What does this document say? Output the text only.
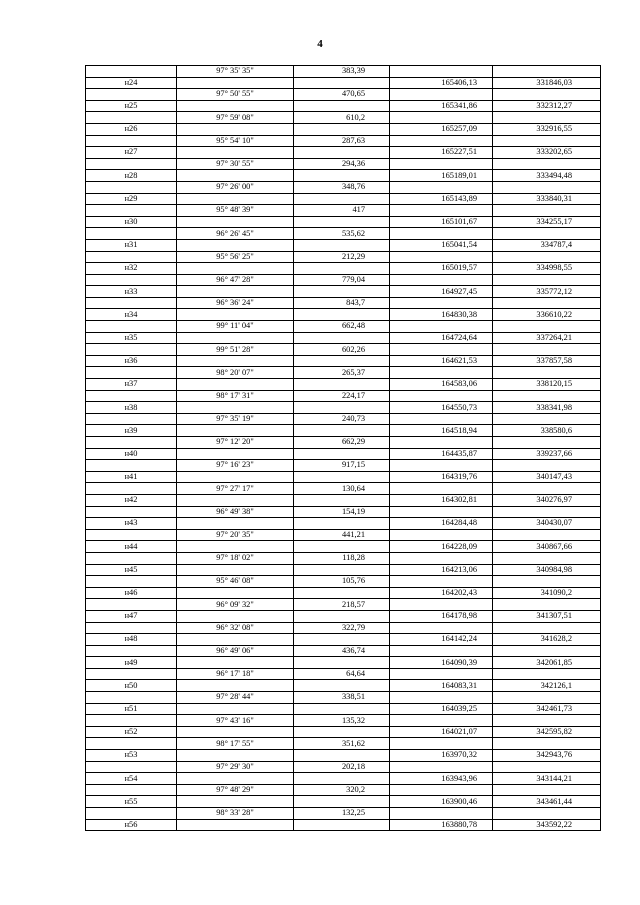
4
	97° 35' 35"	383,39		
н24			165406,13	331846,03
	97° 50' 55"	470,65		
н25			165341,86	332312,27
	97° 59' 08"	610,2		
н26			165257,09	332916,55
	95° 54' 10"	287,63		
н27			165227,51	333202,65
	97° 30' 55"	294,36		
н28			165189,01	333494,48
	97° 26' 00"	348,76		
н29			165143,89	333840,31
	95° 48' 39"	417		
н30			165101,67	334255,17
	96° 26' 45"	535,62		
н31			165041,54	334787,4
	95° 56' 25"	212,29		
н32			165019,57	334998,55
	96° 47' 28"	779,04		
н33			164927,45	335772,12
	96° 36' 24"	843,7		
н34			164830,38	336610,22
	99° 11' 04"	662,48		
н35			164724,64	337264,21
	99° 51' 28"	602,26		
н36			164621,53	337857,58
	98° 20' 07"	265,37		
н37			164583,06	338120,15
	98° 17' 31"	224,17		
н38			164550,73	338341,98
	97° 35' 19"	240,73		
н39			164518,94	338580,6
	97° 12' 20"	662,29		
н40			164435,87	339237,66
	97° 16' 23"	917,15		
н41			164319,76	340147,43
	97° 27' 17"	130,64		
н42			164302,81	340276,97
	96° 49' 38"	154,19		
н43			164284,48	340430,07
	97° 20' 35"	441,21		
н44			164228,09	340867,66
	97° 18' 02"	118,28		
н45			164213,06	340984,98
	95° 46' 08"	105,76		
н46			164202,43	341090,2
	96° 09' 32"	218,57		
н47			164178,98	341307,51
	96° 32' 08"	322,79		
н48			164142,24	341628,2
	96° 49' 06"	436,74		
н49			164090,39	342061,85
	96° 17' 18"	64,64		
н50			164083,31	342126,1
	97° 28' 44"	338,51		
н51			164039,25	342461,73
	97° 43' 16"	135,32		
н52			164021,07	342595,82
	98° 17' 55"	351,62		
н53			163970,32	342943,76
	97° 29' 30"	202,18		
н54			163943,96	343144,21
	97° 48' 29"	320,2		
н55			163900,46	343461,44
	98° 33' 28"	132,25		
н56			163880,78	343592,22
